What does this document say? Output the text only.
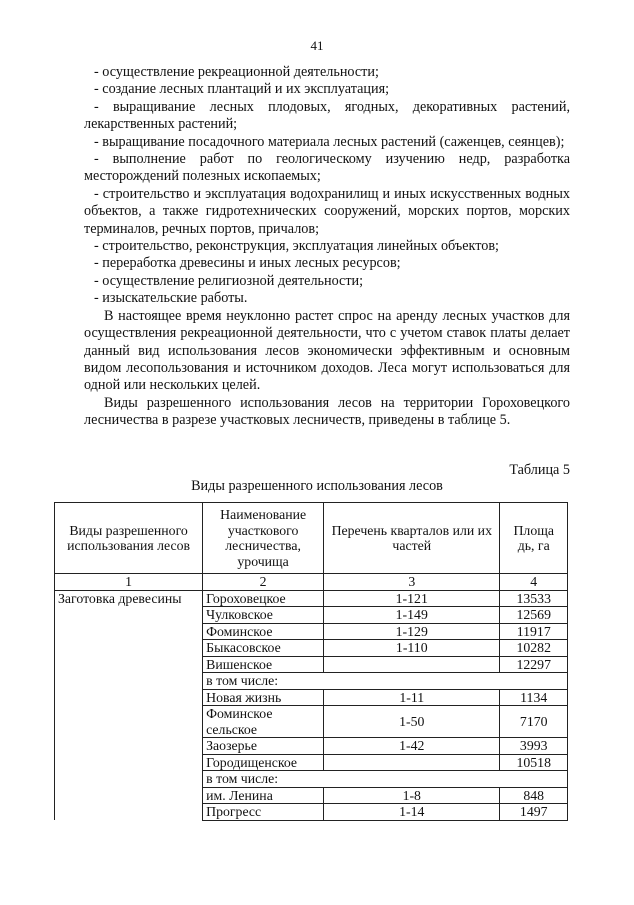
41

- осуществление рекреационной деятельности;

- создание лесных плантаций и их эксплуатация;

- выращивание лесных плодовых, ягодных, декоративных растений, лекарственных растений;

- выращивание посадочного материала лесных растений (саженцев, сеянцев);

- выполнение работ по геологическому изучению недр, разработка месторождений полезных ископаемых;

- строительство и эксплуатация водохранилищ и иных искусственных водных объектов, а также гидротехнических сооружений, морских портов, морских терминалов, речных портов, причалов;

- строительство, реконструкция, эксплуатация линейных объектов;

- переработка древесины и иных лесных ресурсов;

- осуществление религиозной деятельности;

- изыскательские работы.

В настоящее время неуклонно растет спрос на аренду лесных участков для осуществления рекреационной деятельности, что с учетом ставок платы делает данный вид использования лесов экономически эффективным и основным видом лесопользования и источником доходов. Леса могут использоваться для одной или нескольких целей.

Виды разрешенного использования лесов на территории Гороховецкого лесничества в разрезе участковых лесничеств, приведены в таблице 5.

Таблица 5
Виды разрешенного использования лесов
Виды разрешенного использования лесов	Наименование участкового лесничества, урочища	Перечень кварталов или их частей	Площа дь, га
1	2	3	4
Заготовка древесины	Гороховецкое	1-121	13533
	Чулковское	1-149	12569
	Фоминское	1-129	11917
	Быкасовское	1-110	10282
	Вишенское		12297
	в том числе:		
	Новая жизнь	1-11	1134
	Фоминское сельское	1-50	7170
	Заозерье	1-42	3993
	Городищенское		10518
	в том числе:		
	им. Ленина	1-8	848
	Прогресс	1-14	1497
